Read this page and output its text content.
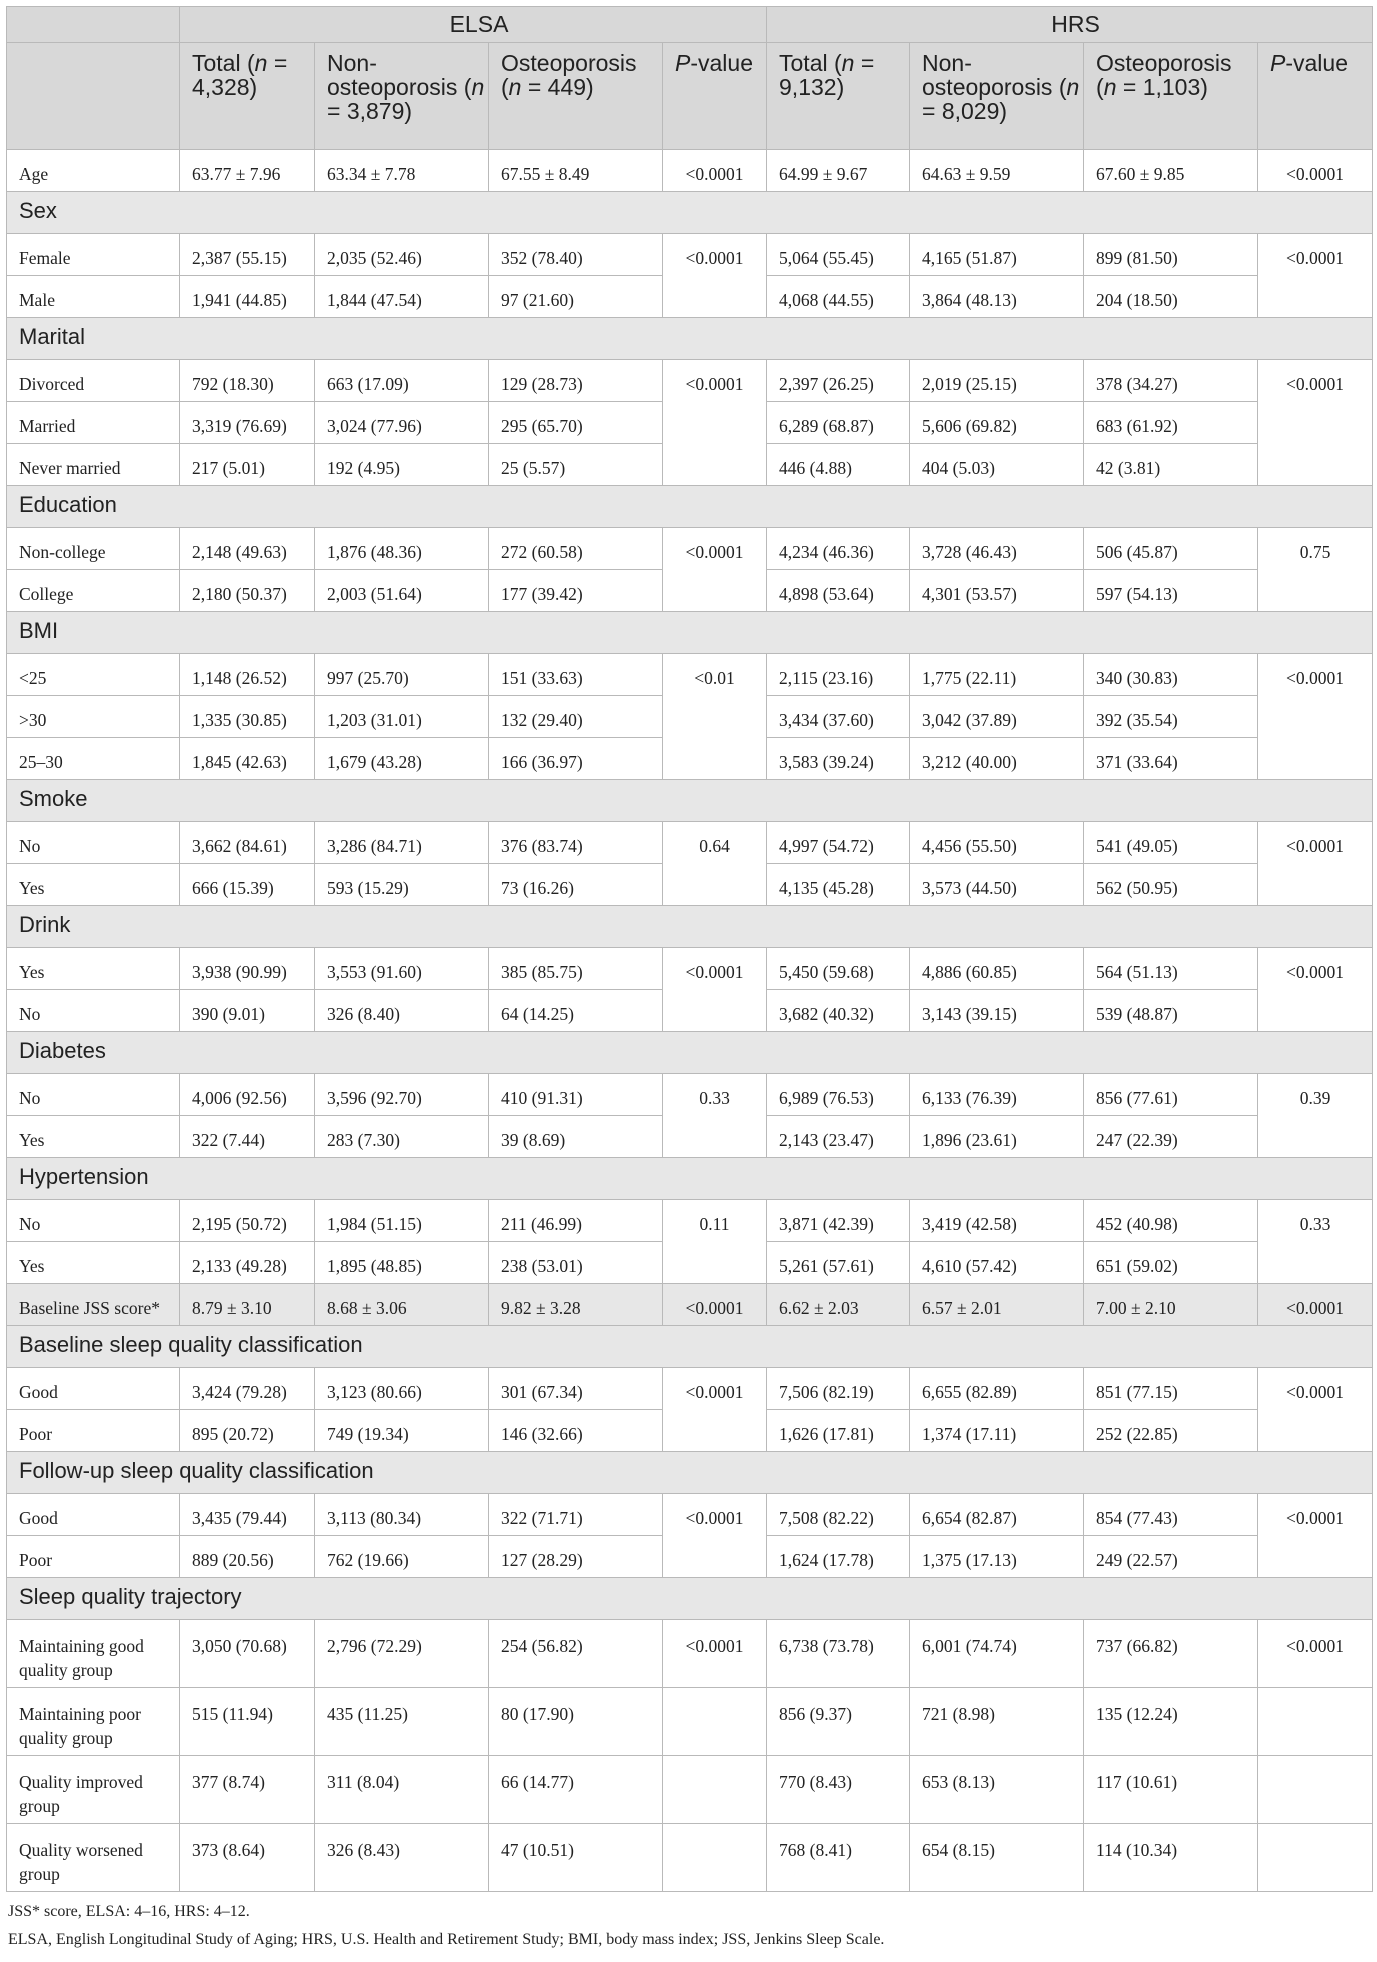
	ELSA				HRS			
	Total (n = 4,328)	Non-osteoporosis (n = 3,879)	Osteoporosis (n = 449)	P-value	Total (n = 9,132)	Non-osteoporosis (n = 8,029)	Osteoporosis (n = 1,103)	P-value
Age	63.77 ± 7.96	63.34 ± 7.78	67.55 ± 8.49	<0.0001	64.99 ± 9.67	64.63 ± 9.59	67.60 ± 9.85	<0.0001
Sex								
Female	2,387 (55.15)	2,035 (52.46)	352 (78.40)	<0.0001	5,064 (55.45)	4,165 (51.87)	899 (81.50)	<0.0001
Male	1,941 (44.85)	1,844 (47.54)	97 (21.60)		4,068 (44.55)	3,864 (48.13)	204 (18.50)	
Marital								
Divorced	792 (18.30)	663 (17.09)	129 (28.73)	<0.0001	2,397 (26.25)	2,019 (25.15)	378 (34.27)	<0.0001
Married	3,319 (76.69)	3,024 (77.96)	295 (65.70)		6,289 (68.87)	5,606 (69.82)	683 (61.92)	
Never married	217 (5.01)	192 (4.95)	25 (5.57)		446 (4.88)	404 (5.03)	42 (3.81)	
Education								
Non-college	2,148 (49.63)	1,876 (48.36)	272 (60.58)	<0.0001	4,234 (46.36)	3,728 (46.43)	506 (45.87)	0.75
College	2,180 (50.37)	2,003 (51.64)	177 (39.42)		4,898 (53.64)	4,301 (53.57)	597 (54.13)	
BMI								
<25	1,148 (26.52)	997 (25.70)	151 (33.63)	<0.01	2,115 (23.16)	1,775 (22.11)	340 (30.83)	<0.0001
>30	1,335 (30.85)	1,203 (31.01)	132 (29.40)		3,434 (37.60)	3,042 (37.89)	392 (35.54)	
25–30	1,845 (42.63)	1,679 (43.28)	166 (36.97)		3,583 (39.24)	3,212 (40.00)	371 (33.64)	
Smoke								
No	3,662 (84.61)	3,286 (84.71)	376 (83.74)	0.64	4,997 (54.72)	4,456 (55.50)	541 (49.05)	<0.0001
Yes	666 (15.39)	593 (15.29)	73 (16.26)		4,135 (45.28)	3,573 (44.50)	562 (50.95)	
Drink								
Yes	3,938 (90.99)	3,553 (91.60)	385 (85.75)	<0.0001	5,450 (59.68)	4,886 (60.85)	564 (51.13)	<0.0001
No	390 (9.01)	326 (8.40)	64 (14.25)		3,682 (40.32)	3,143 (39.15)	539 (48.87)	
Diabetes								
No	4,006 (92.56)	3,596 (92.70)	410 (91.31)	0.33	6,989 (76.53)	6,133 (76.39)	856 (77.61)	0.39
Yes	322 (7.44)	283 (7.30)	39 (8.69)		2,143 (23.47)	1,896 (23.61)	247 (22.39)	
Hypertension								
No	2,195 (50.72)	1,984 (51.15)	211 (46.99)	0.11	3,871 (42.39)	3,419 (42.58)	452 (40.98)	0.33
Yes	2,133 (49.28)	1,895 (48.85)	238 (53.01)		5,261 (57.61)	4,610 (57.42)	651 (59.02)	
Baseline JSS score*	8.79 ± 3.10	8.68 ± 3.06	9.82 ± 3.28	<0.0001	6.62 ± 2.03	6.57 ± 2.01	7.00 ± 2.10	<0.0001
Baseline sleep quality classification								
Good	3,424 (79.28)	3,123 (80.66)	301 (67.34)	<0.0001	7,506 (82.19)	6,655 (82.89)	851 (77.15)	<0.0001
Poor	895 (20.72)	749 (19.34)	146 (32.66)		1,626 (17.81)	1,374 (17.11)	252 (22.85)	
Follow-up sleep quality classification								
Good	3,435 (79.44)	3,113 (80.34)	322 (71.71)	<0.0001	7,508 (82.22)	6,654 (82.87)	854 (77.43)	<0.0001
Poor	889 (20.56)	762 (19.66)	127 (28.29)		1,624 (17.78)	1,375 (17.13)	249 (22.57)	
Sleep quality trajectory								
Maintaining good quality group	3,050 (70.68)	2,796 (72.29)	254 (56.82)	<0.0001	6,738 (73.78)	6,001 (74.74)	737 (66.82)	<0.0001
Maintaining poor quality group	515 (11.94)	435 (11.25)	80 (17.90)		856 (9.37)	721 (8.98)	135 (12.24)	
Quality improved group	377 (8.74)	311 (8.04)	66 (14.77)		770 (8.43)	653 (8.13)	117 (10.61)	
Quality worsened group	373 (8.64)	326 (8.43)	47 (10.51)		768 (8.41)	654 (8.15)	114 (10.34)	
JSS* score, ELSA: 4–16, HRS: 4–12.
ELSA, English Longitudinal Study of Aging; HRS, U.S. Health and Retirement Study; BMI, body mass index; JSS, Jenkins Sleep Scale.
